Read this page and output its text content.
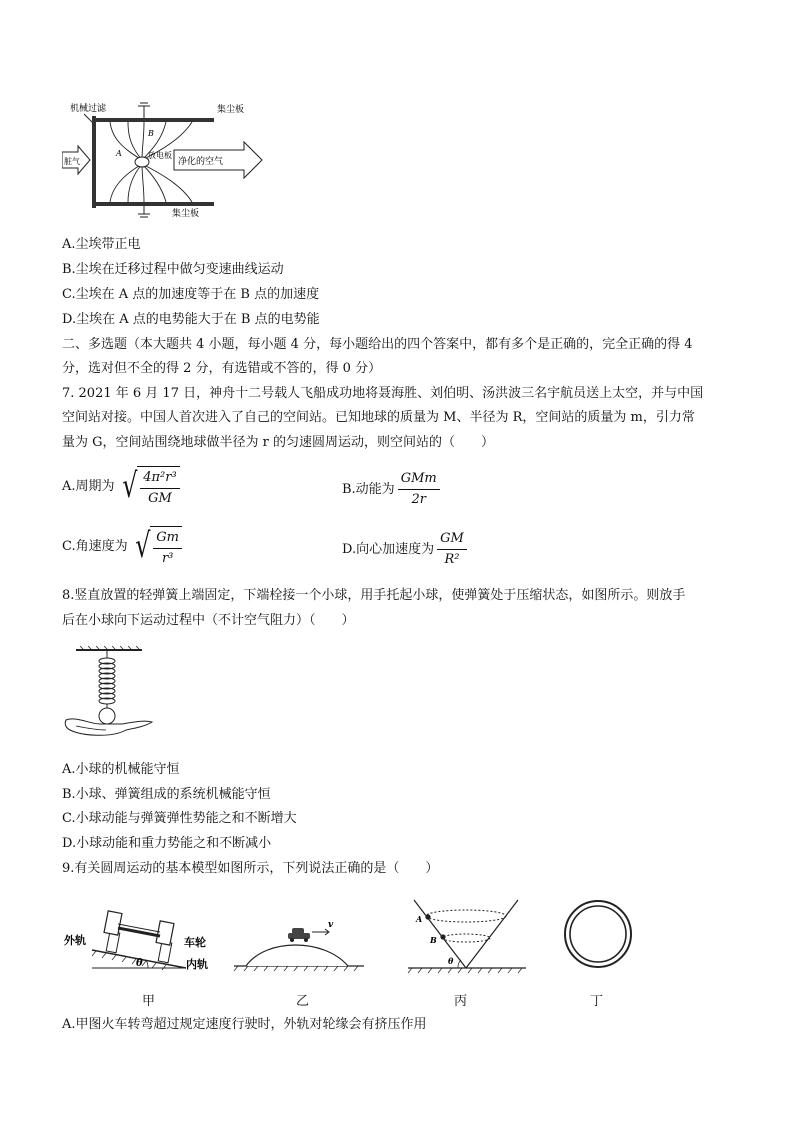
机械过滤	集尘板
集尘板
放电板
A
B
脏气	净化的空气
A.尘埃带正电
B.尘埃在迁移过程中做匀变速曲线运动
C.尘埃在 A 点的加速度等于在 B 点的加速度
D.尘埃在 A 点的电势能大于在 B 点的电势能
二、多选题（本大题共 4 小题，每小题 4 分，每小题给出的四个答案中，都有多个是正确的，完全正确的得 4
分，选对但不全的得 2 分，有选错或不答的，得 0 分）
7. 2021 年 6 月 17 日，神舟十二号载人飞船成功地将聂海胜、刘伯明、汤洪波三名宇航员送上太空，并与中国
空间站对接。中国人首次进入了自己的空间站。已知地球的质量为 M、半径为 R，空间站的质量为 m，引力常
量为 G，空间站围绕地球做半径为 r 的匀速圆周运动，则空间站的（　　）
A.周期为 √ $\frac{\text{4π²r³}}{GM}$	B.动能为 $\frac{\text{GMm}}{2r}$
C.角速度为 √ $\frac{Gm}{\text{r³}}$	D.向心加速度为 $\frac{GM}{\text{R²}}$
8.竖直放置的轻弹簧上端固定，下端栓接一个小球，用手托起小球，使弹簧处于压缩状态，如图所示。则放手
后在小球向下运动过程中（不计空气阻力）（　　）
A.小球的机械能守恒
B.小球、弹簧组成的系统机械能守恒
C.小球动能与弹簧弹性势能之和不断增大
D.小球动能和重力势能之和不断减小
9.有关圆周运动的基本模型如图所示，下列说法正确的是（　　）
θ
外轨	车轮
内轨
v
A
B
θ
甲	乙	丙	丁
A.甲图火车转弯超过规定速度行驶时，外轨对轮缘会有挤压作用
